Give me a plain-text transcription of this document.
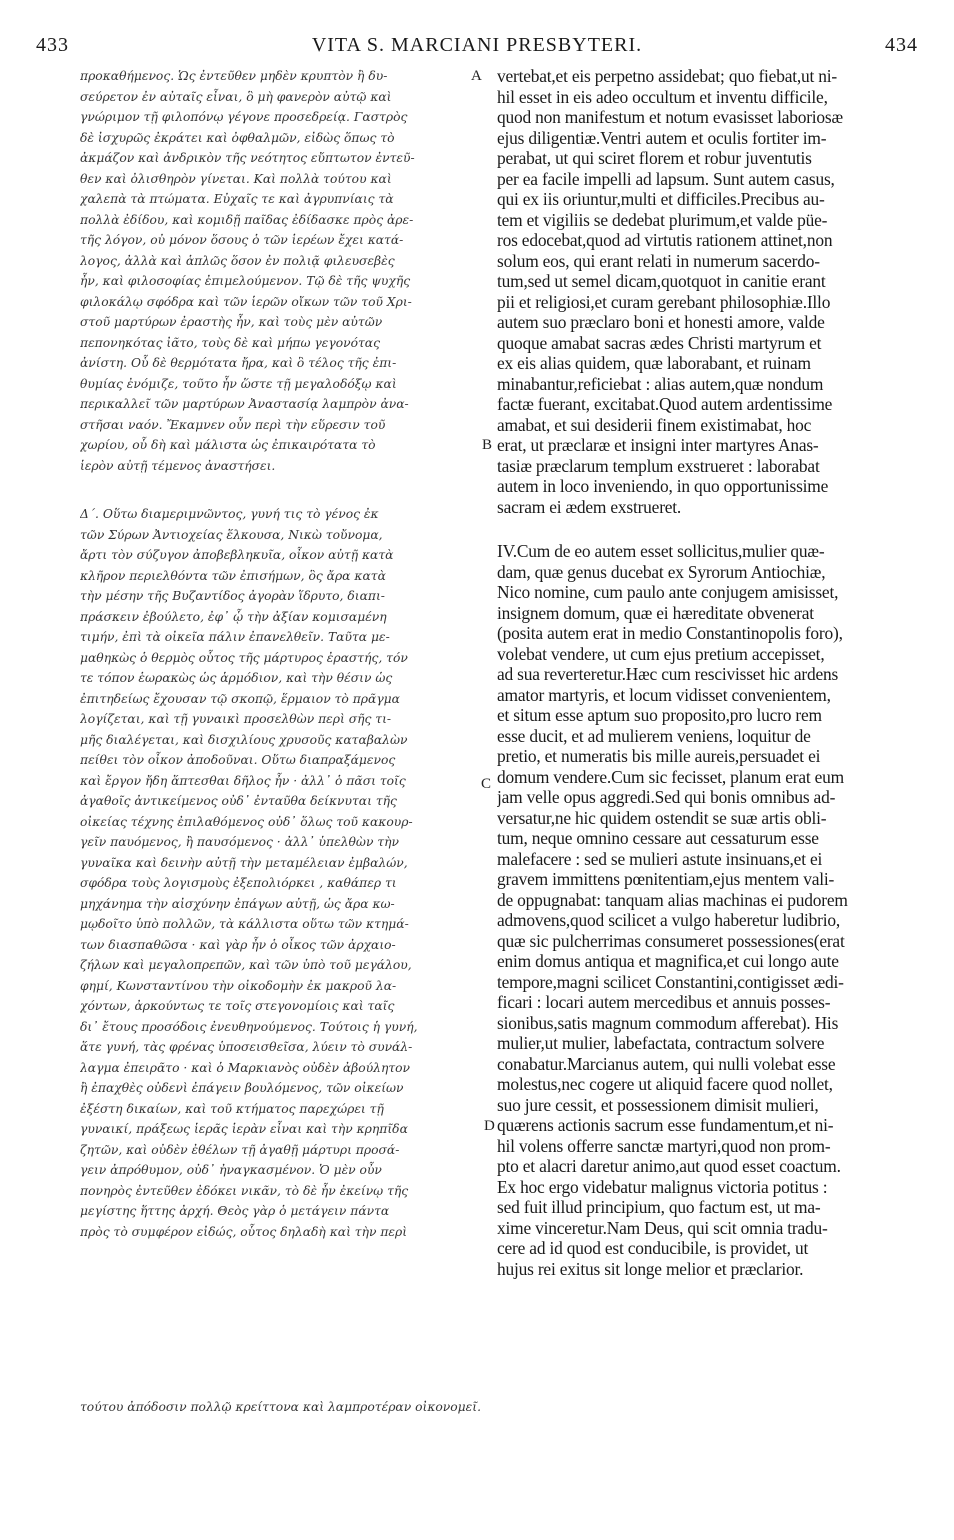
433	VITA S. MARCIANI PRESBYTERI.	434
προκαθήμενος. Ὡς ἐντεῦθεν μηδὲν κρυπτὸν ἢ δυ-
σεύρετον ἐν αὐταῖς εἶναι, ὃ μὴ φανερὸν αὐτῷ καὶ
γνώριμον τῇ φιλοπόνῳ γέγονε προσεδρείᾳ. Γαστρὸς
δὲ ἰσχυρῶς ἐκράτει καὶ ὀφθαλμῶν, εἰδὼς ὅπως τὸ
ἀκμάζον καὶ ἀνδρικὸν τῆς νεότητος εὔπτωτον ἐντεῦ-
θεν καὶ ὀλισθηρὸν γίνεται. Καὶ πολλὰ τούτου καὶ
χαλεπὰ τὰ πτώματα. Εὐχαῖς τε καὶ ἀγρυπνίαις τὰ
πολλὰ ἐδίδου, καὶ κομιδῇ παῖδας ἐδίδασκε πρὸς ἀρε-
τῆς λόγον, οὐ μόνον ὅσους ὁ τῶν ἱερέων ἔχει κατά-
λογος, ἀλλὰ καὶ ἁπλῶς ὅσον ἐν πολιᾷ φιλευσεβὲς
ἦν, καὶ φιλοσοφίας ἐπιμελούμενον. Τῷ δὲ τῆς ψυχῆς
φιλοκάλῳ σφόδρα καὶ τῶν ἱερῶν οἴκων τῶν τοῦ Χρι-
στοῦ μαρτύρων ἐραστὴς ἦν, καὶ τοὺς μὲν αὐτῶν
πεπονηκότας ἰᾶτο, τοὺς δὲ καὶ μήπω γεγονότας
ἀνίστη. Οὗ δὲ θερμότατα ἤρα, καὶ ὃ τέλος τῆς ἐπι-
θυμίας ἐνόμιζε, τοῦτο ἦν ὥστε τῇ μεγαλοδόξῳ καὶ
περικαλλεῖ τῶν μαρτύρων Ἀναστασίᾳ λαμπρὸν ἀνα-
στῆσαι ναόν. Ἔκαμνεν οὖν περὶ τὴν εὕρεσιν τοῦ
χωρίου, οὗ δὴ καὶ μάλιστα ὡς ἐπικαιρότατα τὸ
ἱερὸν αὐτῇ τέμενος ἀναστήσει.
Δ΄. Οὕτω διαμεριμνῶντος, γυνή τις τὸ γένος ἐκ
τῶν Σύρων Ἀντιοχείας ἕλκουσα, Νικὼ τοὔνομα,
ἄρτι τὸν σύζυγον ἀποβεβληκυῖα, οἶκον αὐτῇ κατὰ
κλῆρον περιελθόντα τῶν ἐπισήμων, ὃς ἄρα κατὰ
τὴν μέσην τῆς Βυζαντίδος ἀγορὰν ἵδρυτο, διαπι-
πράσκειν ἐβούλετο, ἐφ᾽ ᾧ τὴν ἀξίαν κομισαμένη
τιμήν, ἐπὶ τὰ οἰκεῖα πάλιν ἐπανελθεῖν. Ταῦτα με-
μαθηκὼς ὁ θερμὸς οὗτος τῆς μάρτυρος ἐραστής, τόν
τε τόπον ἑωρακὼς ὡς ἁρμόδιον, καὶ τὴν θέσιν ὡς
ἐπιτηδείως ἔχουσαν τῷ σκοπῷ, ἕρμαιον τὸ πρᾶγμα
λογίζεται, καὶ τῇ γυναικὶ προσελθὼν περὶ σῆς τι-
μῆς διαλέγεται, καὶ δισχιλίους χρυσοῦς καταβαλὼν
πείθει τὸν οἶκον ἀποδοῦναι. Οὕτω διαπραξάμενος
καὶ ἔργον ἤδη ἅπτεσθαι δῆλος ἦν · ἀλλ᾽ ὁ πᾶσι τοῖς
ἀγαθοῖς ἀντικείμενος οὐδ᾽ ἐνταῦθα δείκνυται τῆς
οἰκείας τέχνης ἐπιλαθόμενος οὐδ᾽ ὅλως τοῦ κακουρ-
γεῖν παυόμενος, ἢ παυσόμενος · ἀλλ᾽ ὑπελθὼν τὴν
γυναῖκα καὶ δεινὴν αὐτῇ τὴν μεταμέλειαν ἐμβαλών,
σφόδρα τοὺς λογισμοὺς ἐξεπολιόρκει , καθάπερ τι
μηχάνημα τὴν αἰσχύνην ἐπάγων αὐτῇ, ὡς ἄρα κω-
μῳδοῖτο ὑπὸ πολλῶν, τὰ κάλλιστα οὕτω τῶν κτημά-
των διασπαθῶσα · καὶ γὰρ ἦν ὁ οἶκος τῶν ἀρχαιο-
ζήλων καὶ μεγαλοπρεπῶν, καὶ τῶν ὑπὸ τοῦ μεγάλου,
φημί, Κωνσταντίνου τὴν οἰκοδομὴν ἐκ μακροῦ λα-
χόντων, ἀρκούντως τε τοῖς στεγονομίοις καὶ ταῖς
δι᾽ ἔτους προσόδοις ἐνευθηνούμενος. Τούτοις ἡ γυνή,
ἅτε γυνή, τὰς φρένας ὑποσεισθεῖσα, λύειν τὸ συνάλ-
λαγμα ἐπειρᾶτο · καὶ ὁ Μαρκιανὸς οὐδὲν ἀβούλητον
ἢ ἐπαχθὲς οὐδενὶ ἐπάγειν βουλόμενος, τῶν οἰκείων
ἐξέστη δικαίων, καὶ τοῦ κτήματος παρεχώρει τῇ
γυναικί, πράξεως ἱερᾶς ἱερὰν εἶναι καὶ τὴν κρηπῖδα
ζητῶν, καὶ οὐδὲν ἐθέλων τῇ ἀγαθῇ μάρτυρι προσά-
γειν ἀπρόθυμον, οὐδ᾽ ἠναγκασμένον. Ὁ μὲν οὖν
πονηρὸς ἐντεῦθεν ἐδόκει νικᾶν, τὸ δὲ ἦν ἐκείνῳ τῆς
μεγίστης ἥττης ἀρχή. Θεὸς γὰρ ὁ μετάγειν πάντα
πρὸς τὸ συμφέρον εἰδώς, οὗτος δηλαδὴ καὶ τὴν περὶ
τούτου ἀπόδοσιν πολλῷ κρείττονα καὶ λαμπροτέραν οἰκονομεῖ.
vertebat,et eis perpetno assidebat; quo fiebat,ut ni-
hil esset in eis adeo occultum et inventu difficile,
quod non manifestum et notum evasisset laboriosæ
ejus diligentiæ.Ventri autem et oculis fortiter im-
perabat, ut qui sciret florem et robur juventutis
per ea facile impelli ad lapsum. Sunt autem casus,
qui ex iis oriuntur,multi et difficiles.Precibus au-
tem et vigiliis se dedebat plurimum,et valde püe-
ros edocebat,quod ad virtutis rationem attinet,non
solum eos, qui erant relati in numerum sacerdo-
tum,sed ut semel dicam,quotquot in canitie erant
pii et religiosi,et curam gerebant philosophiæ.Illo
autem suo præclaro boni et honesti amore, valde
quoque amabat sacras ædes Christi martyrum et
ex eis alias quidem, quæ laborabant, et ruinam
minabantur,reficiebat : alias autem,quæ nondum
factæ fuerant, excitabat.Quod autem ardentissime
amabat, et sui desiderii finem existimabat, hoc
erat, ut præclaræ et insigni inter martyres Anas-
tasiæ præclarum templum exstrueret : laborabat
autem in loco inveniendo, in quo opportunissime
sacram ei ædem exstrueret.
IV.Cum de eo autem esset sollicitus,mulier quæ-
dam, quæ genus ducebat ex Syrorum Antiochiæ,
Nico nomine, cum paulo ante conjugem amisisset,
insignem domum, quæ ei hæreditate obvenerat
(posita autem erat in medio Constantinopolis foro),
volebat vendere, ut cum ejus pretium accepisset,
ad sua reverteretur.Hæc cum rescivisset hic ardens
amator martyris, et locum vidisset convenientem,
et situm esse aptum suo proposito,pro lucro rem
esse ducit, et ad mulierem veniens, loquitur de
pretio, et numeratis bis mille aureis,persuadet ei
domum vendere.Cum sic fecisset, planum erat eum
jam velle opus aggredi.Sed qui bonis omnibus ad-
versatur,ne hic quidem ostendit se suæ artis obli-
tum, neque omnino cessare aut cessaturum esse
malefacere : sed se mulieri astute insinuans,et ei
gravem immittens pœnitentiam,ejus mentem vali-
de oppugnabat: tanquam alias machinas ei pudorem
admovens,quod scilicet a vulgo haberetur ludibrio,
quæ sic pulcherrimas consumeret possessiones(erat
enim domus antiqua et magnifica,et cui longo aute
tempore,magni scilicet Constantini,contigisset ædi-
ficari : locari autem mercedibus et annuis posses-
sionibus,satis magnum commodum afferebat). His
mulier,ut mulier, labefactata, contractum solvere
conabatur.Marcianus autem, qui nulli volebat esse
molestus,nec cogere ut aliquid facere quod nollet,
suo jure cessit, et possessionem dimisit mulieri,
quærens actionis sacrum esse fundamentum,et ni-
hil volens offerre sanctæ martyri,quod non prom-
pto et alacri daretur animo,aut quod esset coactum.
Ex hoc ergo videbatur malignus victoria potitus :
sed fuit illud principium, quo factum est, ut ma-
xime vinceretur.Nam Deus, qui scit omnia tradu-
cere ad id quod est conducibile, is providet, ut
hujus rei exitus sit longe melior et præclarior.
A
B
C
D
